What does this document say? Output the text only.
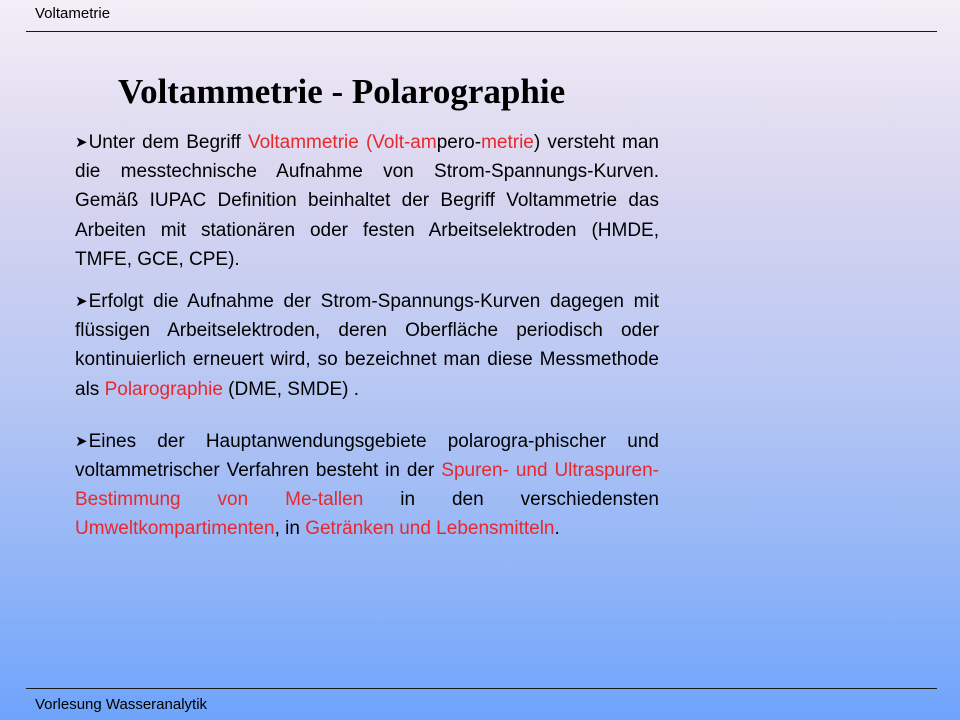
Voltametrie
Voltammetrie - Polarographie

➤Unter dem Begriff Voltammetrie (Volt-ampero-metrie) versteht man die messtechnische Aufnahme von Strom-Spannungs-Kurven. Gemäß IUPAC Definition beinhaltet der Begriff Voltammetrie das Arbeiten mit stationären oder festen Arbeitselektroden (HMDE, TMFE, GCE, CPE).

➤Erfolgt die Aufnahme der Strom-Spannungs-Kurven dagegen mit flüssigen Arbeitselektroden, deren Oberfläche periodisch oder kontinuierlich erneuert wird, so bezeichnet man diese Messmethode als Polarographie (DME, SMDE) .

➤Eines der Hauptanwendungsgebiete polarogra-phischer und voltammetrischer Verfahren besteht in der Spuren- und Ultraspuren-Bestimmung von Me-tallen in den verschiedensten Umweltkompartimenten, in Getränken und Lebensmitteln.

Vorlesung Wasseranalytik
